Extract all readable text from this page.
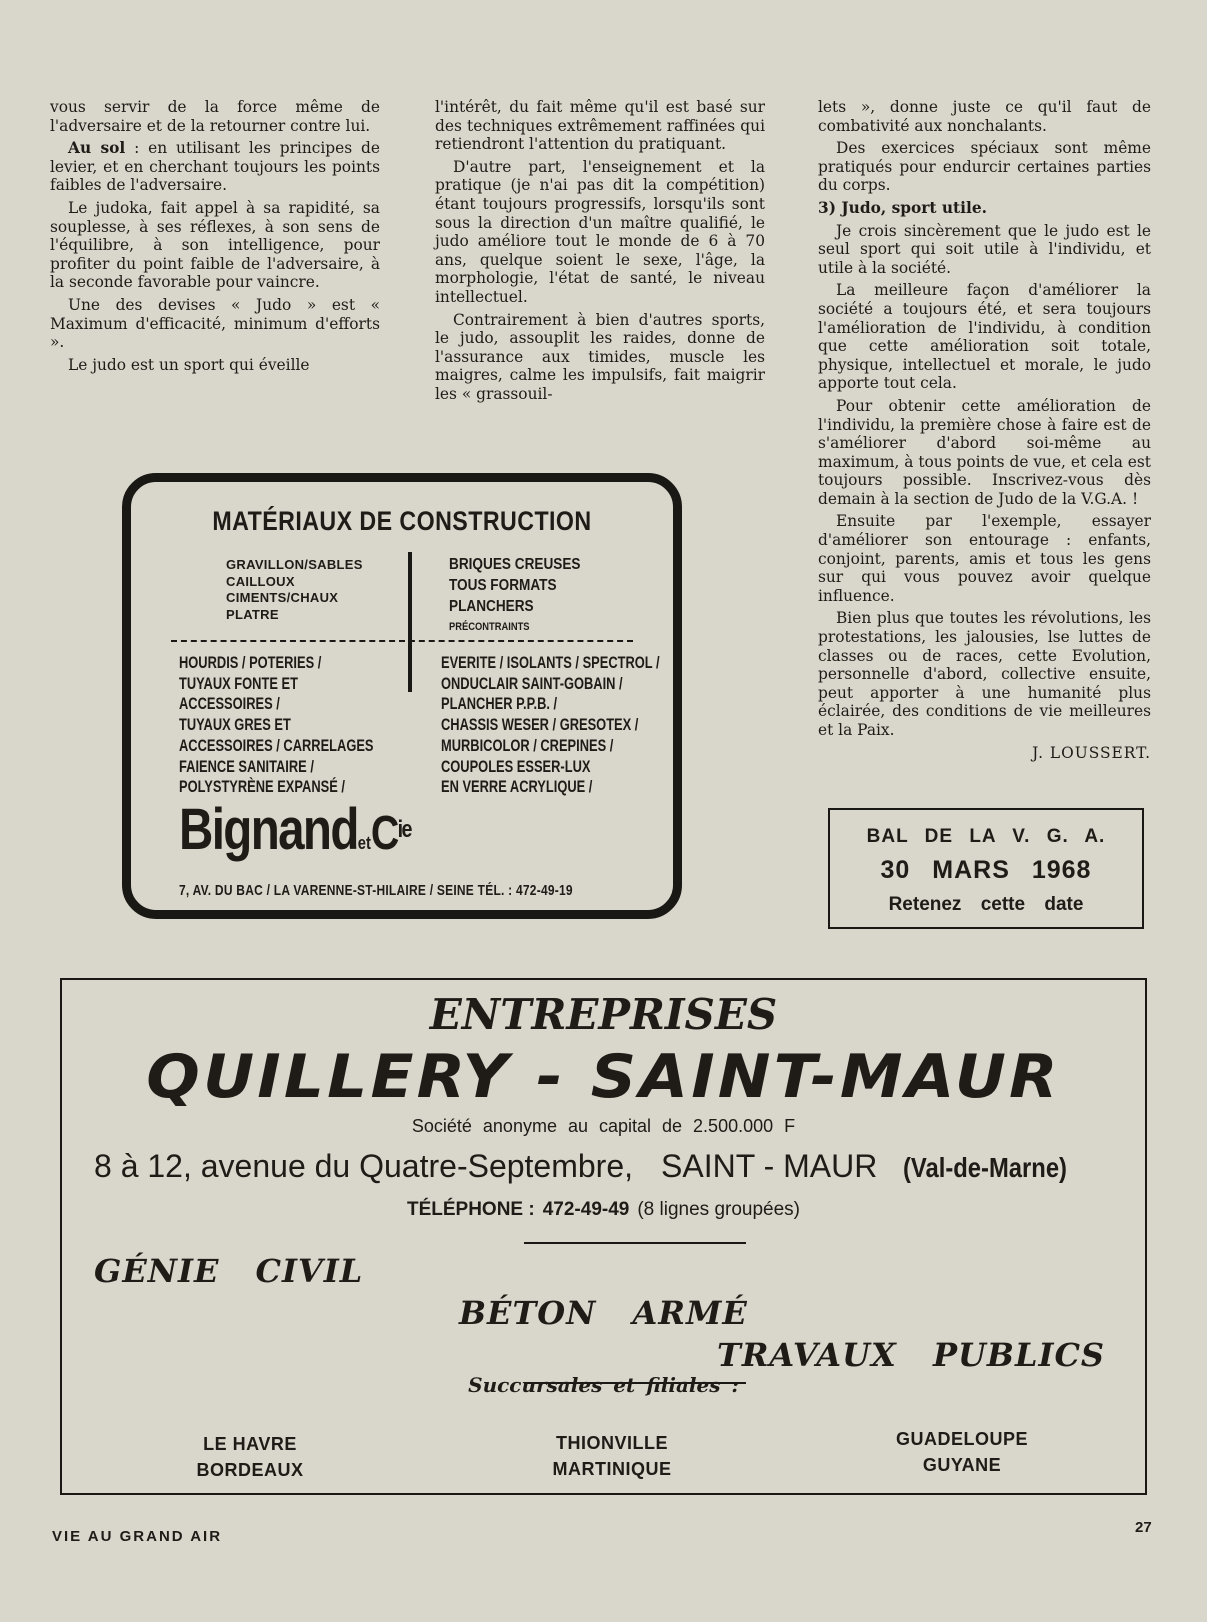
vous servir de la force même de l'adversaire et de la retourner contre lui.

Au sol : en utilisant les principes de levier, et en cherchant toujours les points faibles de l'adversaire.

Le judoka, fait appel à sa rapidité, sa souplesse, à ses réflexes, à son sens de l'équilibre, à son intelligence, pour profiter du point faible de l'adversaire, à la seconde favorable pour vaincre.

Une des devises « Judo » est « Maximum d'efficacité, minimum d'efforts ».

Le judo est un sport qui éveille

l'intérêt, du fait même qu'il est basé sur des techniques extrêmement raffinées qui retiendront l'attention du pratiquant.

D'autre part, l'enseignement et la pratique (je n'ai pas dit la compétition) étant toujours progressifs, lorsqu'ils sont sous la direction d'un maître qualifié, le judo améliore tout le monde de 6 à 70 ans, quelque soient le sexe, l'âge, la morphologie, l'état de santé, le niveau intellectuel.

Contrairement à bien d'autres sports, le judo, assouplit les raides, donne de l'assurance aux timides, muscle les maigres, calme les impulsifs, fait maigrir les « grassouil-

lets », donne juste ce qu'il faut de combativité aux nonchalants.

Des exercices spéciaux sont même pratiqués pour endurcir certaines parties du corps.

3) Judo, sport utile.

Je crois sincèrement que le judo est le seul sport qui soit utile à l'individu, et utile à la société.

La meilleure façon d'améliorer la société a toujours été, et sera toujours l'amélioration de l'individu, à condition que cette amélioration soit totale, physique, intellectuel et morale, le judo apporte tout cela.

Pour obtenir cette amélioration de l'individu, la première chose à faire est de s'améliorer d'abord soi-même au maximum, à tous points de vue, et cela est toujours possible. Inscrivez-vous dès demain à la section de Judo de la V.G.A. !

Ensuite par l'exemple, essayer d'améliorer son entourage : enfants, conjoint, parents, amis et tous les gens sur qui vous pouvez avoir quelque influence.

Bien plus que toutes les révolutions, les protestations, les jalousies, lse luttes de classes ou de races, cette Evolution, personnelle d'abord, collective ensuite, peut apporter à une humanité plus éclairée, des conditions de vie meilleures et la Paix.

J. LOUSSERT.

MATÉRIAUX DE CONSTRUCTION
GRAVILLON/SABLES
CAILLOUX
CIMENTS/CHAUX
PLATRE
BRIQUES CREUSES
TOUS FORMATS
PLANCHERS
PRÉCONTRAINTS
HOURDIS / POTERIES /
TUYAUX FONTE ET
ACCESSOIRES /
TUYAUX GRES ET
ACCESSOIRES / CARRELAGES
FAIENCE SANITAIRE /
POLYSTYRÈNE EXPANSÉ /
EVERITE / ISOLANTS / SPECTROL /
ONDUCLAIR SAINT-GOBAIN /
PLANCHER P.P.B. /
CHASSIS WESER / GRESOTEX /
MURBICOLOR / CREPINES /
COUPOLES ESSER-LUX
EN VERRE ACRYLIQUE /
BignandetC$^{ie}$
7, AV. DU BAC / LA VARENNE-ST-HILAIRE / SEINE TÉL. : 472-49-19
BAL DE LA V. G. A.
30 MARS 1968
Retenez cette date
ENTREPRISES
QUILLERY - SAINT-MAUR
Société anonyme au capital de 2.500.000 F
8 à 12, avenue du Quatre-Septembre, SAINT - MAUR (Val-de-Marne)
TÉLÉPHONE : 472-49-49 (8 lignes groupées)
GÉNIE CIVIL
BÉTON ARMÉ
TRAVAUX PUBLICS
Succursales et filiales :
LE HAVRE
BORDEAUX
THIONVILLE
MARTINIQUE
GUADELOUPE
GUYANE
VIE AU GRAND AIR
27
